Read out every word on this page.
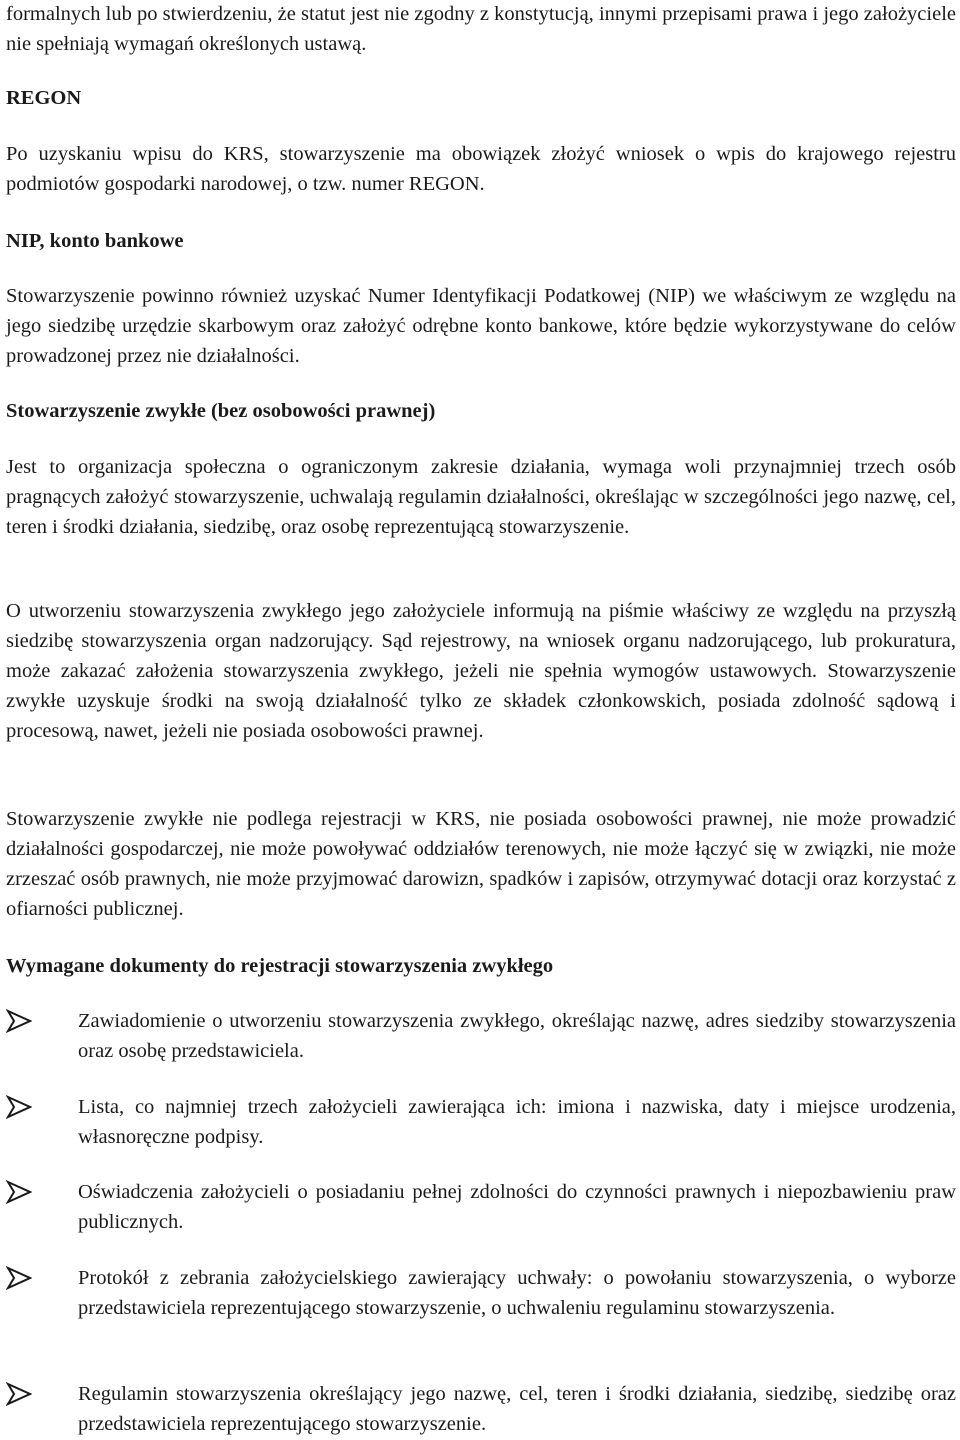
formalnych lub po stwierdzeniu, że statut jest nie zgodny z konstytucją, innymi przepisami prawa i jego założyciele nie spełniają wymagań określonych ustawą.

REGON

Po uzyskaniu wpisu do KRS, stowarzyszenie ma obowiązek złożyć wniosek o wpis do krajowego rejestru podmiotów gospodarki narodowej, o tzw. numer REGON.

NIP, konto bankowe

Stowarzyszenie powinno również uzyskać Numer Identyfikacji Podatkowej (NIP) we właściwym ze względu na jego siedzibę urzędzie skarbowym oraz założyć odrębne konto bankowe, które będzie wykorzystywane do celów prowadzonej przez nie działalności.

Stowarzyszenie zwykłe (bez osobowości prawnej)

Jest to organizacja społeczna o ograniczonym zakresie działania, wymaga woli przynajmniej trzech osób pragnących założyć stowarzyszenie, uchwalają regulamin działalności, określając w szczególności jego nazwę, cel, teren i środki działania, siedzibę, oraz osobę reprezentującą stowarzyszenie.

O utworzeniu stowarzyszenia zwykłego jego założyciele informują na piśmie właściwy ze względu na przyszłą siedzibę stowarzyszenia organ nadzorujący. Sąd rejestrowy, na wniosek organu nadzorującego, lub prokuratura, może zakazać założenia stowarzyszenia zwykłego, jeżeli nie spełnia wymogów ustawowych. Stowarzyszenie zwykłe uzyskuje środki na swoją działalność tylko ze składek członkowskich, posiada zdolność sądową i procesową, nawet, jeżeli nie posiada osobowości prawnej.

Stowarzyszenie zwykłe nie podlega rejestracji w KRS, nie posiada osobowości prawnej, nie może prowadzić działalności gospodarczej, nie może powoływać oddziałów terenowych, nie może łączyć się w związki, nie może zrzeszać osób prawnych, nie może przyjmować darowizn, spadków i zapisów, otrzymywać dotacji oraz korzystać z ofiarności publicznej.

Wymagane dokumenty do rejestracji stowarzyszenia zwykłego

Zawiadomienie o utworzeniu stowarzyszenia zwykłego, określając nazwę, adres siedziby stowarzyszenia oraz osobę przedstawiciela.

Lista, co najmniej trzech założycieli zawierająca ich: imiona i nazwiska, daty i miejsce urodzenia, własnoręczne podpisy.

Oświadczenia założycieli o posiadaniu pełnej zdolności do czynności prawnych i niepozbawieniu praw publicznych.

Protokół z zebrania założycielskiego zawierający uchwały: o powołaniu stowarzyszenia, o wyborze przedstawiciela reprezentującego stowarzyszenie, o uchwaleniu regulaminu stowarzyszenia.

Regulamin stowarzyszenia określający jego nazwę, cel, teren i środki działania, siedzibę, siedzibę oraz przedstawiciela reprezentującego stowarzyszenie.
